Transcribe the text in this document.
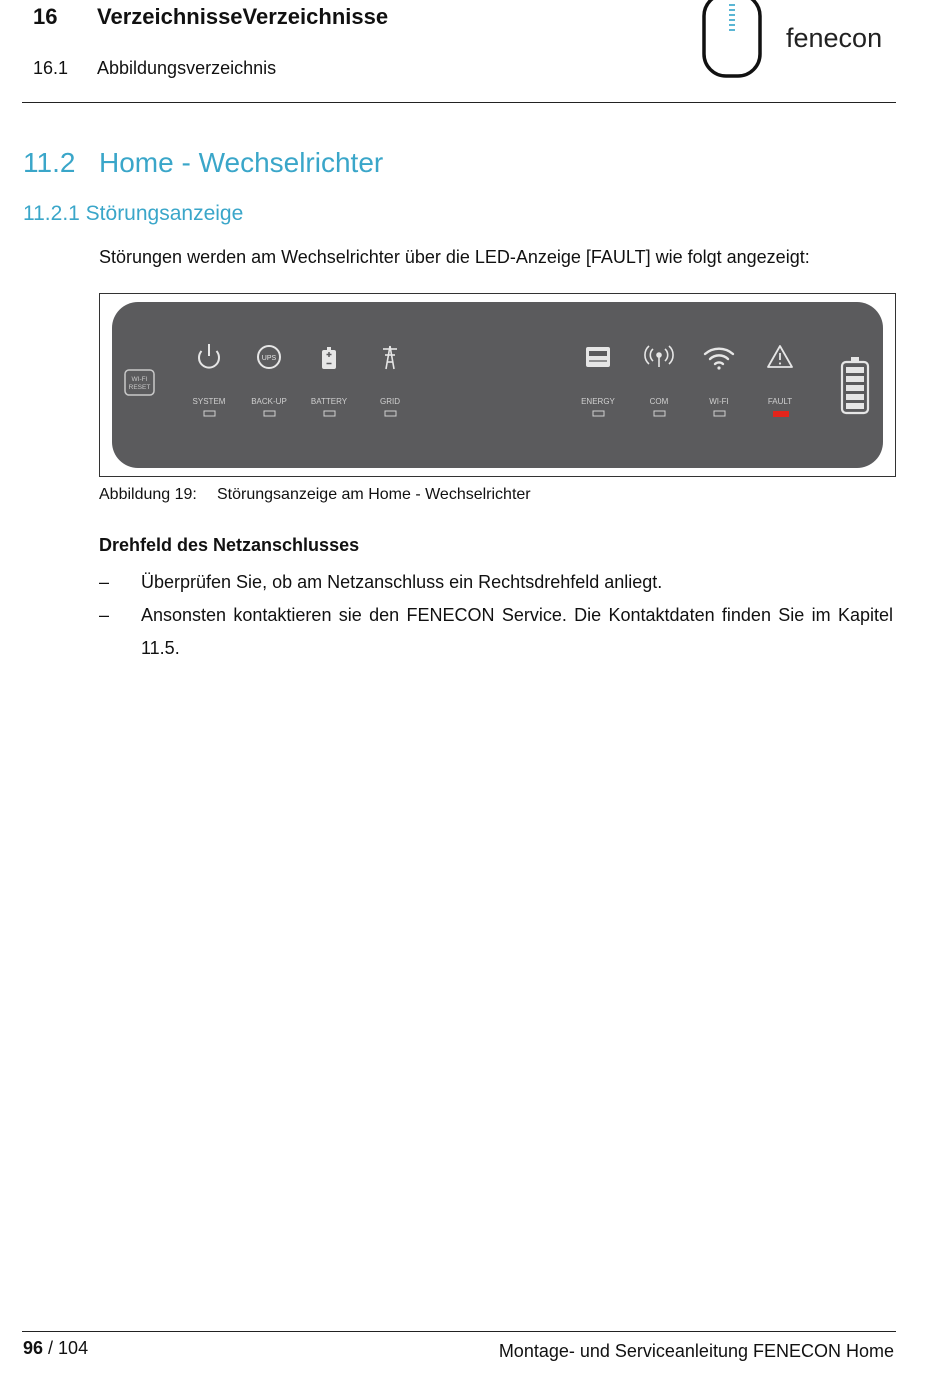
16 VerzeichnisseVerzeichnisse
16.1 Abbildungsverzeichnis
fenecon
11.2 Home - Wechselrichter
11.2.1 Störungsanzeige
Störungen werden am Wechselrichter über die LED-Anzeige [FAULT] wie folgt angezeigt:
WI-FI
RESET
SYSTEM
UPS
BACK-UP	BATTERY	GRID	ENERGY	COM	WI-FI	FAULT
Abbildung 19: Störungsanzeige am Home - Wechselrichter
Drehfeld des Netzanschlusses
– Überprüfen Sie, ob am Netzanschluss ein Rechtsdrehfeld anliegt.
– Ansonsten kontaktieren sie den FENECON Service. Die Kontaktdaten finden Sie im Kapitel 11.5.
96 / 104	Montage- und Serviceanleitung FENECON Home
